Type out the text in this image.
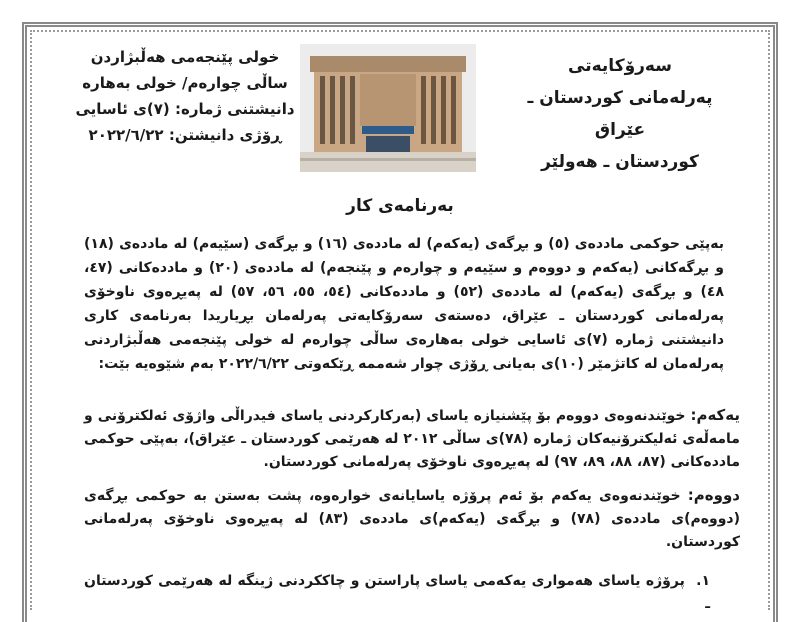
سەرۆكایەتی
پەرلەمانی كوردستان ـ عێراق
كوردستان ـ هەولێر
خولی پێنجەمی هەڵبژاردن
ساڵی چوارەم/ خولی بەهارە
دانیشتنی ژمارە: (٧)ی ئاسایی
ڕۆژی دانیشتن: ٢٠٢٢/٦/٢٢
بەرنامەی كار
بەپێی حوكمی ماددەی (٥) و بڕگەی (یەكەم) لە ماددەی (١٦) و بڕگەی (سێیەم) لە ماددەی (١٨) و بڕگەكانی (یەكەم و دووەم و سێیەم و چوارەم و پێنجەم) لە ماددەی (٢٠) و ماددەكانی (٤٧، ٤٨) و بڕگەی (یەكەم) لە ماددەی (٥٢) و ماددەكانی (٥٤، ٥٥، ٥٦، ٥٧) لە پەیڕەوی ناوخۆی پەرلەمانی كوردستان ـ عێراق، دەستەی سەرۆكایەتی پەرلەمان بڕیاریدا بەرنامەی كاری دانیشتنی ژمارە (٧)ی ئاسایی خولی بەهارەی ساڵی چوارەم لە خولی پێنجەمی هەڵبژاردنی پەرلەمان لە كاتژمێر (١٠)ی بەیانی ڕۆژی چوار شەممە ڕێكەوتی ٢٠٢٢/٦/٢٢ بەم شێوەیە بێت:
یەكەم: خوێندنەوەی دووەم بۆ پێشنیازە یاسای (بەركاركردنی یاسای فیدراڵی واژۆی ئەلكترۆنی و مامەڵەی ئەلیكترۆنیەكان ژمارە (٧٨)ی ساڵی ٢٠١٢ لە هەرێمی كوردستان ـ عێراق)، بەپێی حوكمی ماددەكانی (٨٧، ٨٨، ٨٩، ٩٧) لە پەیڕەوی ناوخۆی پەرلەمانی كوردستان.
دووەم: خوێندنەوەی یەكەم بۆ ئەم پرۆژە یاسایانەی خوارەوە، پشت بەستن بە حوكمی بڕگەی (دووەم)ی ماددەی (٧٨) و بڕگەی (یەكەم)ی ماددەی (٨٣) لە پەیڕەوی ناوخۆی پەرلەمانی كوردستان.
١. پرۆژە یاسای هەمواری یەكەمی یاسای پاراستن و چاككردنی ژینگە لە هەرێمی كوردستان ـ
